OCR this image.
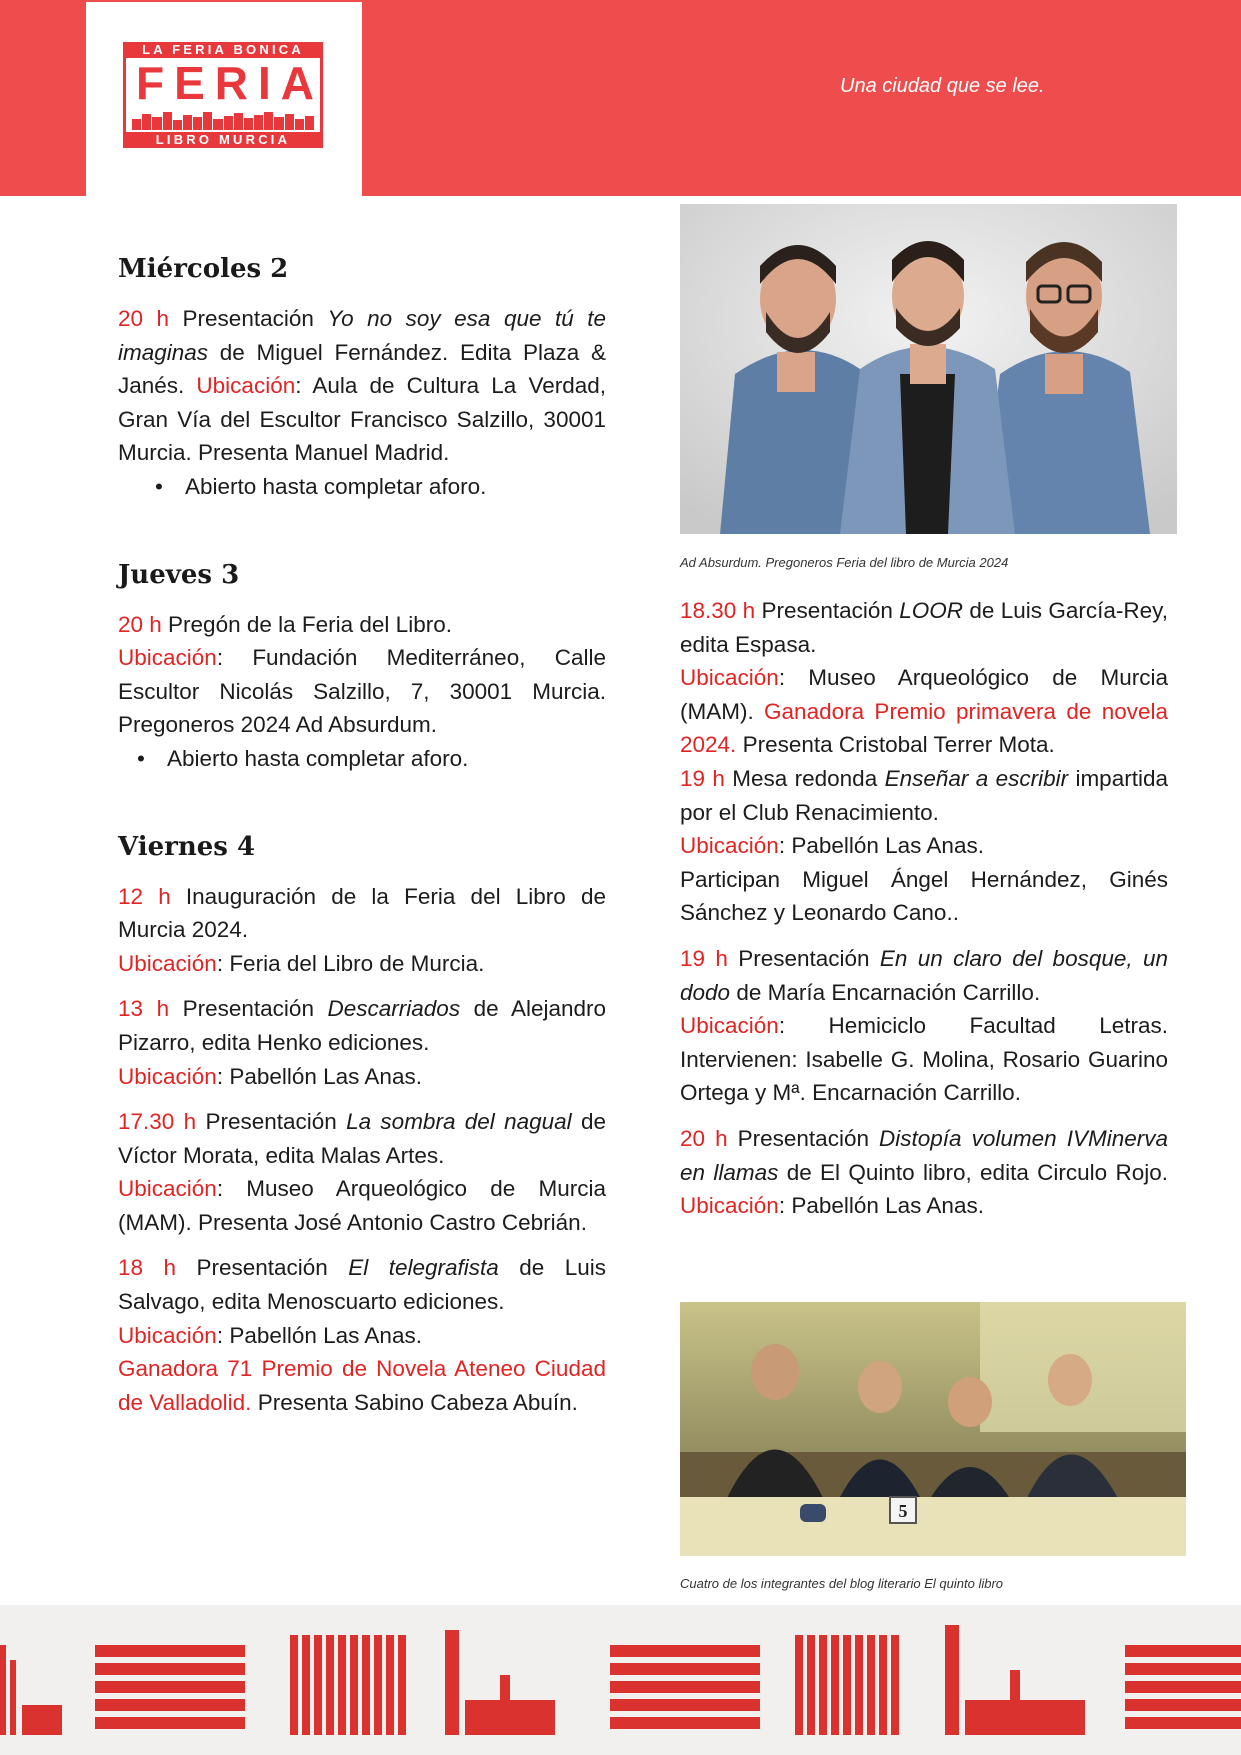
LA FERIA BONICA
FERIA
LIBRO MURCIA
Una ciudad que se lee.
Miércoles 2

20 h Presentación Yo no soy esa que tú te imaginas de Miguel Fernández. Edita Plaza & Janés. Ubicación: Aula de Cultura La Verdad, Gran Vía del Escultor Francisco Salzillo, 30001 Murcia. Presenta Manuel Madrid.

• Abierto hasta completar aforo.
Jueves 3

20 h Pregón de la Feria del Libro.
Ubicación: Fundación Mediterráneo, Calle Escultor Nicolás Salzillo, 7, 30001 Murcia. Pregoneros 2024 Ad Absurdum.

• Abierto hasta completar aforo.
Viernes 4

12 h Inauguración de la Feria del Libro de Murcia 2024.
Ubicación: Feria del Libro de Murcia.

13 h Presentación Descarriados de Alejandro Pizarro, edita Henko ediciones.
Ubicación: Pabellón Las Anas.

17.30 h Presentación La sombra del nagual de Víctor Morata, edita Malas Artes.
Ubicación: Museo Arqueológico de Murcia (MAM). Presenta José Antonio Castro Cebrián.

18 h Presentación El telegrafista de Luis Salvago, edita Menoscuarto ediciones.
Ubicación: Pabellón Las Anas.
Ganadora 71 Premio de Novela Ateneo Ciudad de Valladolid. Presenta Sabino Cabeza Abuín.

Ad Absurdum. Pregoneros Feria del libro de Murcia 2024

18.30 h Presentación LOOR de Luis García-Rey, edita Espasa.
Ubicación: Museo Arqueológico de Murcia (MAM). Ganadora Premio primavera de novela 2024. Presenta Cristobal Terrer Mota.

19 h Mesa redonda Enseñar a escribir impartida por el Club Renacimiento.
Ubicación: Pabellón Las Anas.
Participan Miguel Ángel Hernández, Ginés Sánchez y Leonardo Cano..

19 h Presentación En un claro del bosque, un dodo de María Encarnación Carrillo.
Ubicación: Hemiciclo Facultad Letras. Intervienen: Isabelle G. Molina, Rosario Guarino Ortega y Mª. Encarnación Carrillo.

20 h Presentación Distopía volumen IVMinerva en llamas de El Quinto libro, edita Circulo Rojo. Ubicación: Pabellón Las Anas.

5
Cuatro de los integrantes del blog literario El quinto libro
